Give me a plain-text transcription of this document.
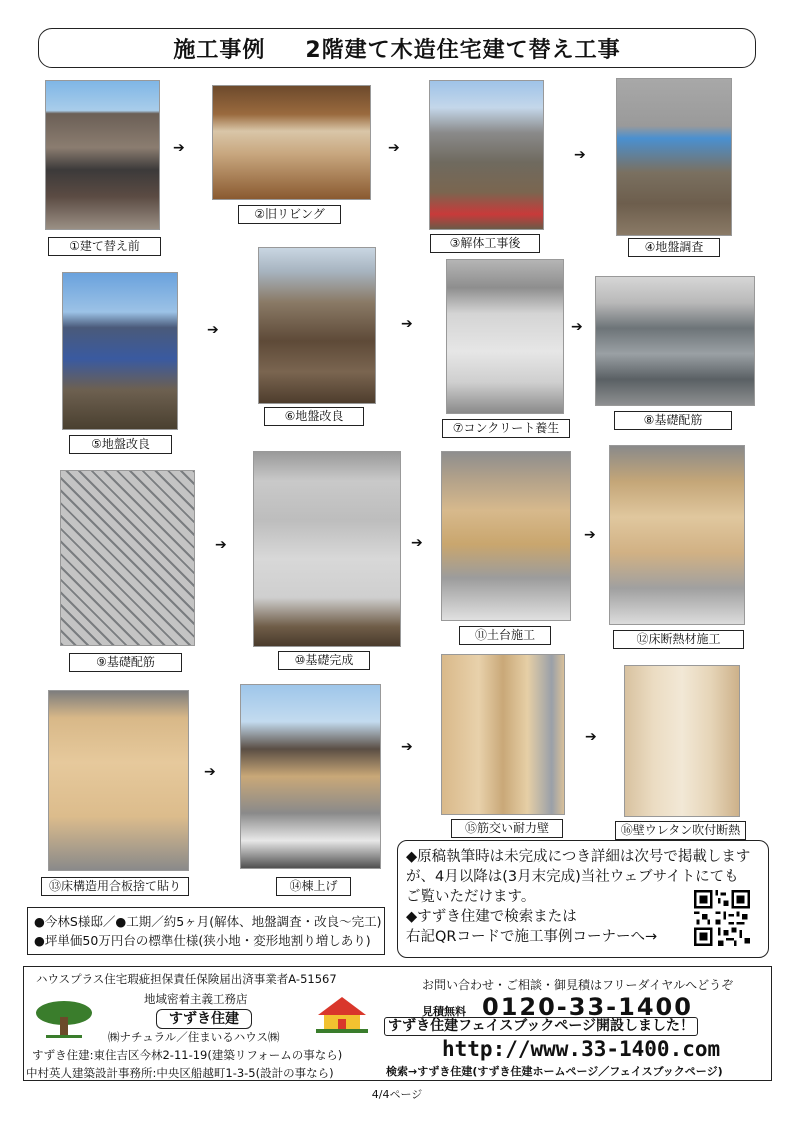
施工事例 2階建て木造住宅建て替え工事
①建て替え前
➔
②旧リビング
➔
③解体工事後
➔
④地盤調査
⑤地盤改良
➔
⑥地盤改良
➔
⑦コンクリート養生
➔
⑧基礎配筋
⑨基礎配筋
➔
⑩基礎完成
➔
⑪土台施工
➔
⑫床断熱材施工
⑬床構造用合板捨て貼り
➔
⑭棟上げ
➔
⑮筋交い耐力壁
➔
⑯壁ウレタン吹付断熱
◆原稿執筆時は未完成につき詳細は次号で掲載します
が、4月以降は(3月末完成)当社ウェブサイトにても
ご覧いただけます。
◆すずき住建で検索または
右記QRコードで施工事例コーナーへ→
●今林S様邸／●工期／約5ヶ月(解体、地盤調査・改良～完工)
●坪単価50万円台の標準仕様(狭小地・変形地割り増しあり)
ハウスプラス住宅瑕疵担保責任保険届出済事業者A-51567
地域密着主義工務店
すずき住建
㈱ナチュラル／住まいるハウス㈱
すずき住建:東住吉区今林2-11-19(建築リフォームの事なら)
中村英人建築設計事務所:中央区船越町1-3-5(設計の事なら)
お問い合わせ・ご相談・御見積はフリーダイヤルへどうぞ
見積無料 0120-33-1400
すずき住建フェイスブックページ開設しました！
http://www.33-1400.com
検索→すずき住建(すずき住建ホームページ／フェイスブックページ)
4/4ページ
